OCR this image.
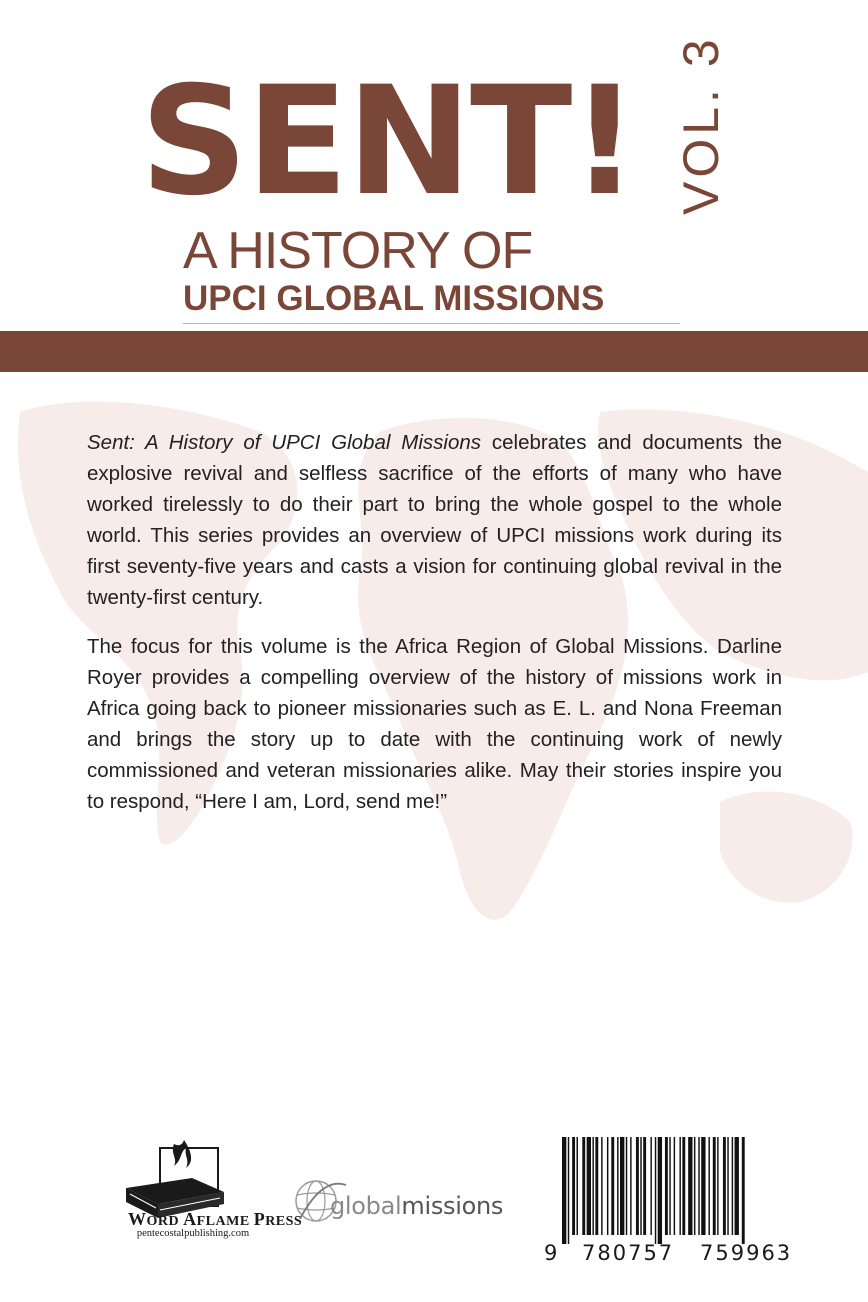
SENT! VOL. 3
A HISTORY OF
UPCI GLOBAL MISSIONS

Sent: A History of UPCI Global Missions celebrates and documents the explosive revival and selfless sacrifice of the efforts of many who have worked tirelessly to do their part to bring the whole gospel to the whole world. This series provides an overview of UPCI missions work during its first seventy-five years and casts a vision for continuing global revival in the twenty-first century.

The focus for this volume is the Africa Region of Global Missions. Darline Royer provides a compelling overview of the history of missions work in Africa going back to pioneer missionaries such as E. L. and Nona Freeman and brings the story up to date with the continuing work of newly commissioned and veteran missionaries alike. May their stories inspire you to respond, “Here I am, Lord, send me!”

WORD AFLAME PRESS
pentecostalpublishing.com
globalmissions
9 780757 759963
